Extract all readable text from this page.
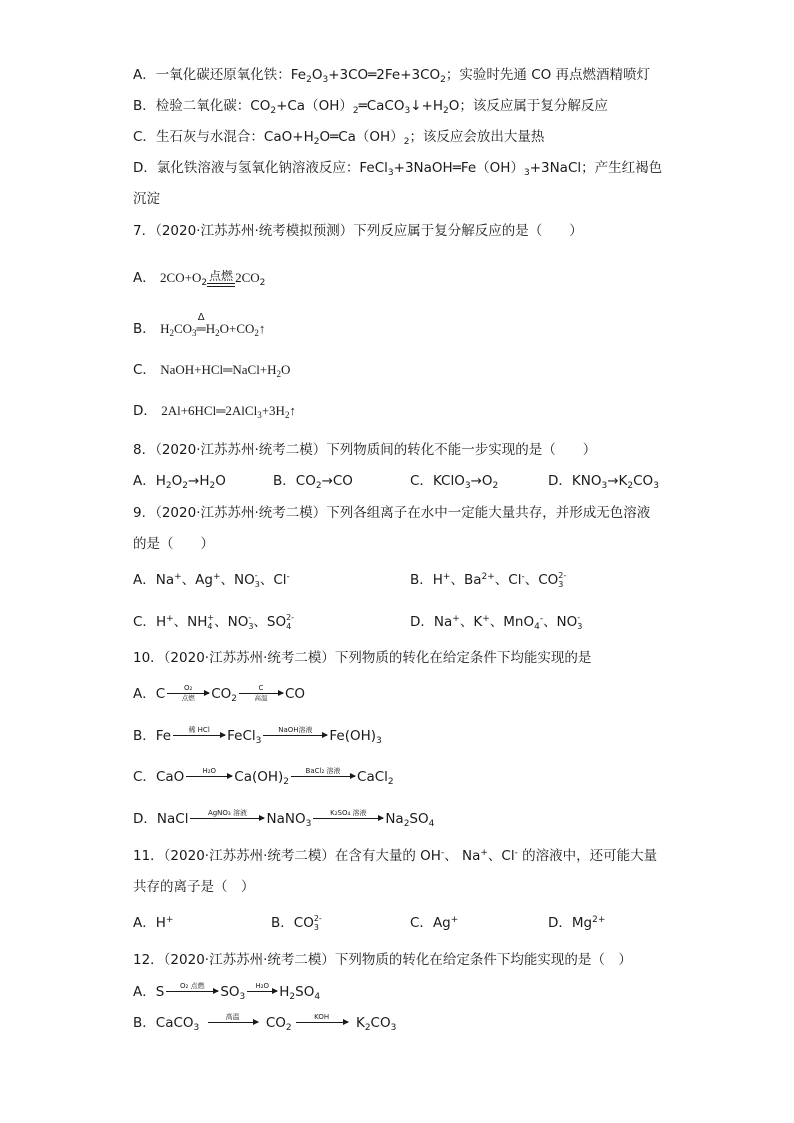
A．一氧化碳还原氧化铁：$Fe_2O_3+3CO═2Fe+3CO_2$；实验时先通 CO 再点燃酒精喷灯
B．检验二氧化碳：$CO_2+Ca(OH)_2═CaCO_3↓+H_2O$；该反应属于复分解反应
C．生石灰与水混合：$CaO+H_2O═Ca(OH)_2$；该反应会放出大量热
D．氯化铁溶液与氢氧化钠溶液反应：$FeCl_3+3NaOH═Fe(OH)_3+3NaCl$；产生红褐色
沉淀
7．（2020·江苏苏州·统考模拟预测）下列反应属于复分解反应的是（　　）
A． $2CO+O_2$
点燃 $2CO_2$
B． $H_2CO_3$
Δ
$═H_2O+CO_2↑$
C． $NaOH+HCl═NaCl+H_2O$
D． $2Al+6HCl═2AlCl_3+3H_2↑$
8．（2020·江苏苏州·统考二模）下列物质间的转化不能一步实现的是（　　）
A．$H_2O_2\to H_2O$	B．$CO_2\to CO$	C．$KClO_3\to O_2$	D．$KNO_3\to K_2CO_3$
9．（2020·江苏苏州·统考二模）下列各组离子在水中一定能大量共存，并形成无色溶液
的是（　　）
A．Na+、Ag+、NO -
3 、Cl-	B．H+、$Ba^{2+}$、Cl-、CO 2-
3
C．H+、NH +
4 、NO -
3 、SO 2-
4	D．Na+、K+、MnO$_4$-、NO -
3
10．（2020·江苏苏州·统考二模）下列物质的转化在给定条件下均能实现的是
A．C	O₂
点燃	$CO_2$
C
高温	CO
B．Fe	稀 HCl	FeCl$_3$
NaOH溶液	$Fe(OH)_3$
C．CaO	H₂O	$Ca(OH)_2$
BaCl₂ 溶液	CaCl$_2$
D．NaCl	AgNO₃ 溶液	NaNO$_3$
K₂SO₄ 溶液	$Na_2SO_4$
11．（2020·江苏苏州·统考二模）在含有大量的 OH-、 Na+、Cl- 的溶液中，还可能大量
共存的离子是（　）
A．H+	B．CO 2-
3	C．Ag+	D．$Mg^{2+}$
12．（2020·江苏苏州·统考二模）下列物质的转化在给定条件下均能实现的是（　）
A．S	O₂ 点燃	$SO_3$
H₂O $H_2SO_4$
B．CaCO$_3$
高温	$CO_2$
KOH	$K_2CO_3$
